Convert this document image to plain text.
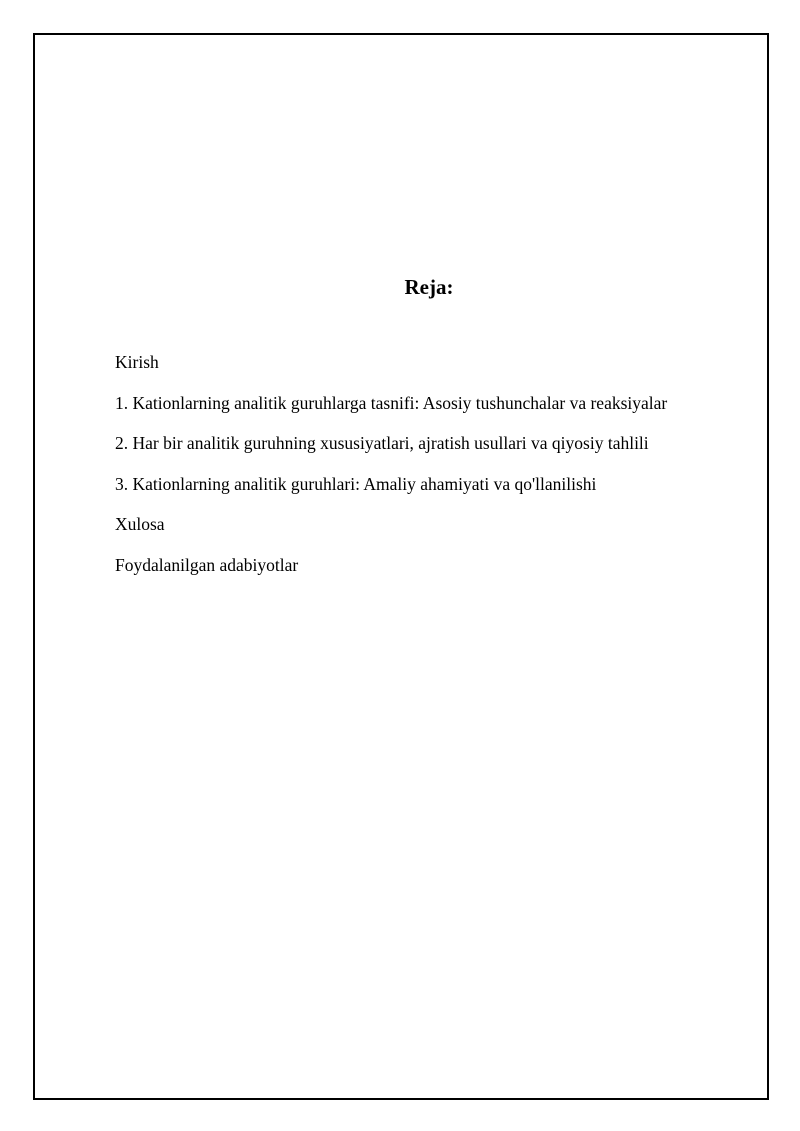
Reja:
Kirish
1. Kationlarning analitik guruhlarga tasnifi: Asosiy tushunchalar va reaksiyalar
2. Har bir analitik guruhning xususiyatlari, ajratish usullari va qiyosiy tahlili
3. Kationlarning analitik guruhlari: Amaliy ahamiyati va qo'llanilishi
Xulosa
Foydalanilgan adabiyotlar
